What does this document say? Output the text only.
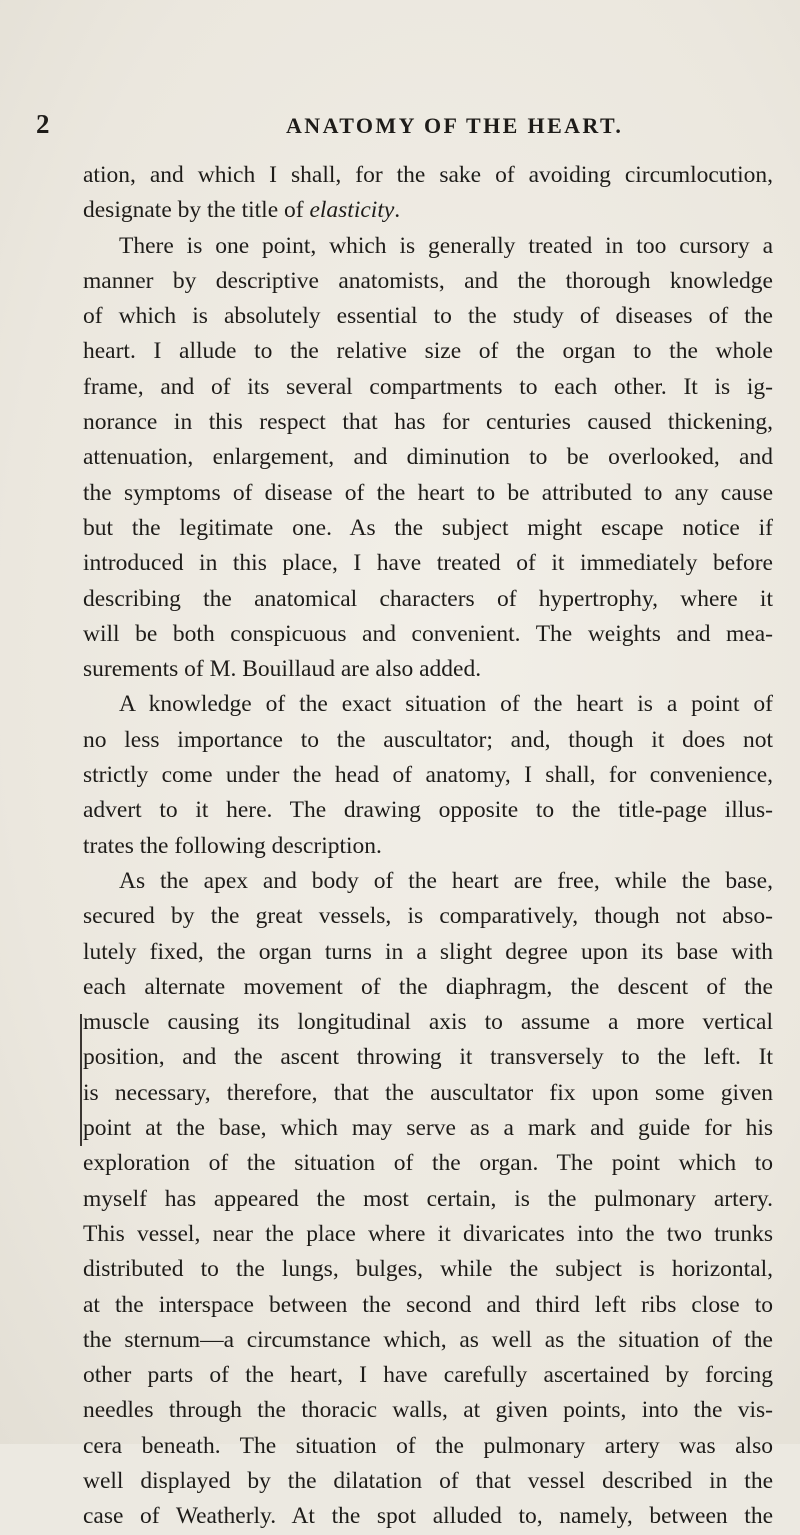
2	ANATOMY OF THE HEART.
ation, and which I shall, for the sake of avoiding circumlocution,
designate by the title of elasticity.
There is one point, which is generally treated in too cursory a
manner by descriptive anatomists, and the thorough knowledge
of which is absolutely essential to the study of diseases of the
heart. I allude to the relative size of the organ to the whole
frame, and of its several compartments to each other. It is ig-
norance in this respect that has for centuries caused thickening,
attenuation, enlargement, and diminution to be overlooked, and
the symptoms of disease of the heart to be attributed to any cause
but the legitimate one. As the subject might escape notice if
introduced in this place, I have treated of it immediately before
describing the anatomical characters of hypertrophy, where it
will be both conspicuous and convenient. The weights and mea-
surements of M. Bouillaud are also added.
A knowledge of the exact situation of the heart is a point of
no less importance to the auscultator; and, though it does not
strictly come under the head of anatomy, I shall, for convenience,
advert to it here. The drawing opposite to the title-page illus-
trates the following description.
As the apex and body of the heart are free, while the base,
secured by the great vessels, is comparatively, though not abso-
lutely fixed, the organ turns in a slight degree upon its base with
each alternate movement of the diaphragm, the descent of the
muscle causing its longitudinal axis to assume a more vertical
position, and the ascent throwing it transversely to the left. It
is necessary, therefore, that the auscultator fix upon some given
point at the base, which may serve as a mark and guide for his
exploration of the situation of the organ. The point which to
myself has appeared the most certain, is the pulmonary artery.
This vessel, near the place where it divaricates into the two trunks
distributed to the lungs, bulges, while the subject is horizontal,
at the interspace between the second and third left ribs close to
the sternum—a circumstance which, as well as the situation of the
other parts of the heart, I have carefully ascertained by forcing
needles through the thoracic walls, at given points, into the vis-
cera beneath. The situation of the pulmonary artery was also
well displayed by the dilatation of that vessel described in the
case of Weatherly. At the spot alluded to, namely, between the
